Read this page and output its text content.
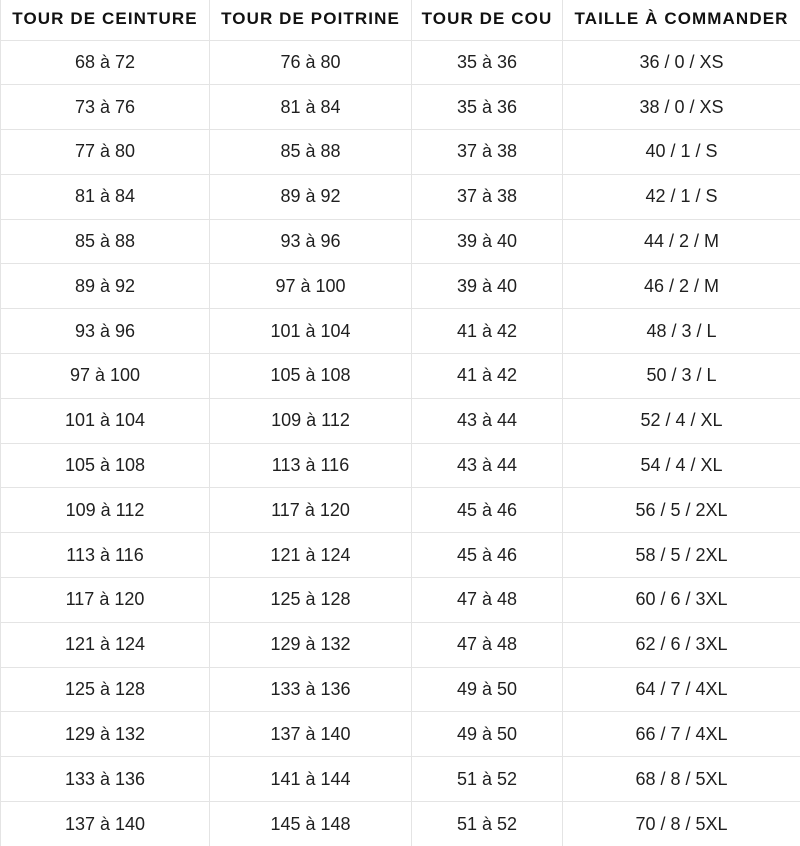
TOUR DE CEINTURE	TOUR DE POITRINE	TOUR DE COU	TAILLE À COMMANDER
68 à 72	76 à 80	35 à 36	36 / 0 / XS
73 à 76	81 à 84	35 à 36	38 / 0 / XS
77 à 80	85 à 88	37 à 38	40 / 1 / S
81 à 84	89 à 92	37 à 38	42 / 1 / S
85 à 88	93 à 96	39 à 40	44 / 2 / M
89 à 92	97 à 100	39 à 40	46 / 2 / M
93 à 96	101 à 104	41 à 42	48 / 3 / L
97 à 100	105 à 108	41 à 42	50 / 3 / L
101 à 104	109 à 112	43 à 44	52 / 4 / XL
105 à 108	113 à 116	43 à 44	54 / 4 / XL
109 à 112	117 à 120	45 à 46	56 / 5 / 2XL
113 à 116	121 à 124	45 à 46	58 / 5 / 2XL
117 à 120	125 à 128	47 à 48	60 / 6 / 3XL
121 à 124	129 à 132	47 à 48	62 / 6 / 3XL
125 à 128	133 à 136	49 à 50	64 / 7 / 4XL
129 à 132	137 à 140	49 à 50	66 / 7 / 4XL
133 à 136	141 à 144	51 à 52	68 / 8 / 5XL
137 à 140	145 à 148	51 à 52	70 / 8 / 5XL
